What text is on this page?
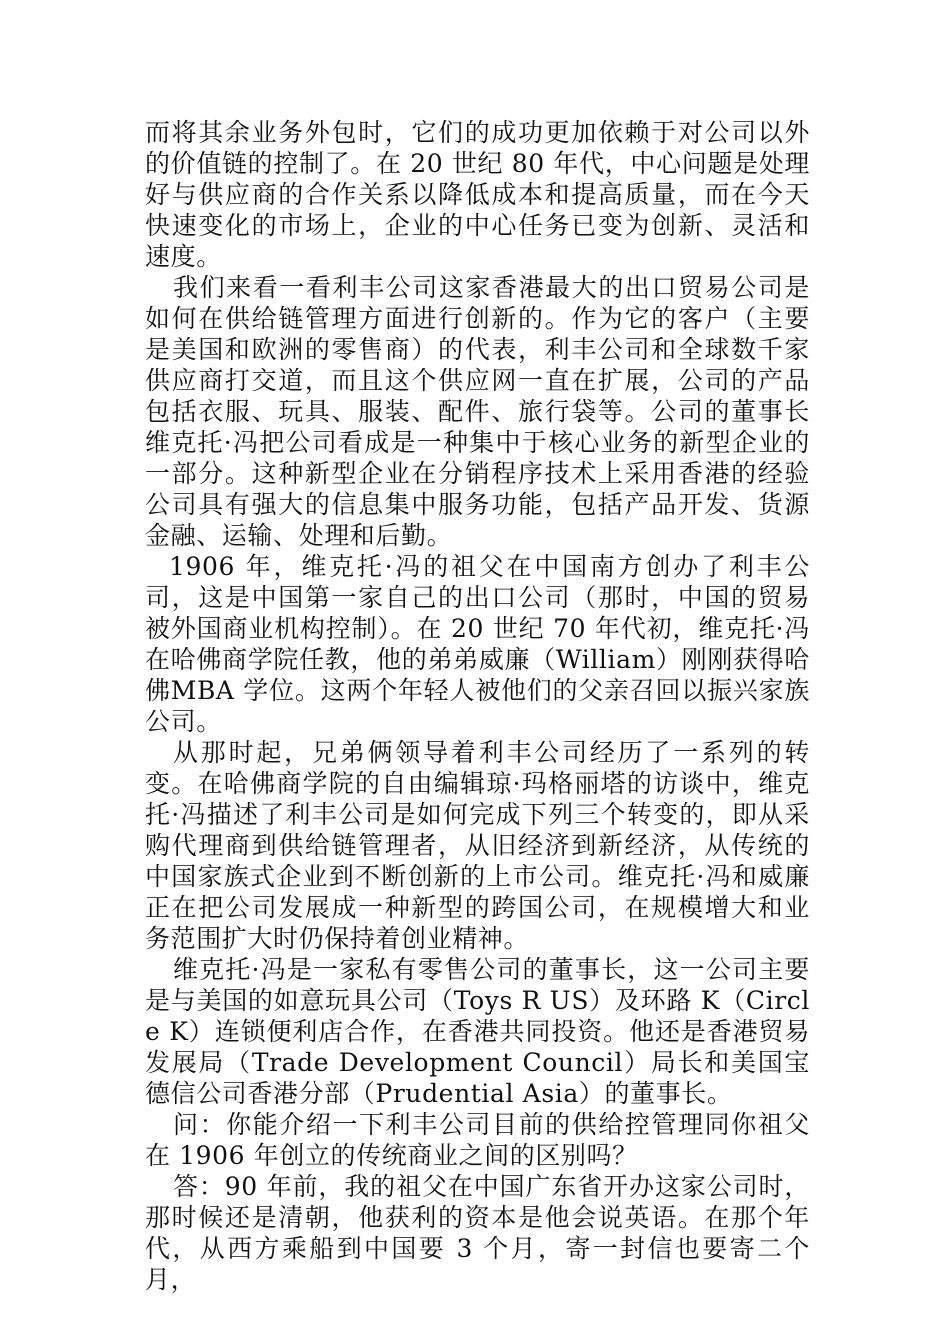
而将其余业务外包时，它们的成功更加依赖于对公司以外的价值链的控制了。在 20 世纪 80 年代，中心问题是处理好与供应商的合作关系以降低成本和提高质量，而在今天快速变化的市场上，企业的中心任务已变为创新、灵活和速度。

我们来看一看利丰公司这家香港最大的出口贸易公司是如何在供给链管理方面进行创新的。作为它的客户（主要是美国和欧洲的零售商）的代表，利丰公司和全球数千家供应商打交道，而且这个供应网一直在扩展，公司的产品包括衣服、玩具、服装、配件、旅行袋等。公司的董事长维克托·冯把公司看成是一种集中于核心业务的新型企业的一部分。这种新型企业在分销程序技术上采用香港的经验公司具有强大的信息集中服务功能，包括产品开发、货源金融、运输、处理和后勤。

1906 年，维克托·冯的祖父在中国南方创办了利丰公司，这是中国第一家自己的出口公司（那时，中国的贸易被外国商业机构控制）。在 20 世纪 70 年代初，维克托·冯在哈佛商学院任教，他的弟弟威廉（William）刚刚获得哈佛MBA 学位。这两个年轻人被他们的父亲召回以振兴家族公司。

从那时起，兄弟俩领导着利丰公司经历了一系列的转变。在哈佛商学院的自由编辑琼·玛格丽塔的访谈中，维克托·冯描述了利丰公司是如何完成下列三个转变的，即从采购代理商到供给链管理者，从旧经济到新经济，从传统的中国家族式企业到不断创新的上市公司。维克托·冯和威廉正在把公司发展成一种新型的跨国公司，在规模增大和业务范围扩大时仍保持着创业精神。

维克托·冯是一家私有零售公司的董事长，这一公司主要是与美国的如意玩具公司（Toys R US）及环路 K（Circle K）连锁便利店合作，在香港共同投资。他还是香港贸易发展局（Trade Development Council）局长和美国宝德信公司香港分部（Prudential Asia）的董事长。

问：你能介绍一下利丰公司目前的供给控管理同你祖父在 1906 年创立的传统商业之间的区别吗？

答：90 年前，我的祖父在中国广东省开办这家公司时，那时候还是清朝，他获利的资本是他会说英语。在那个年代，从西方乘船到中国要 3 个月，寄一封信也要寄二个月，
